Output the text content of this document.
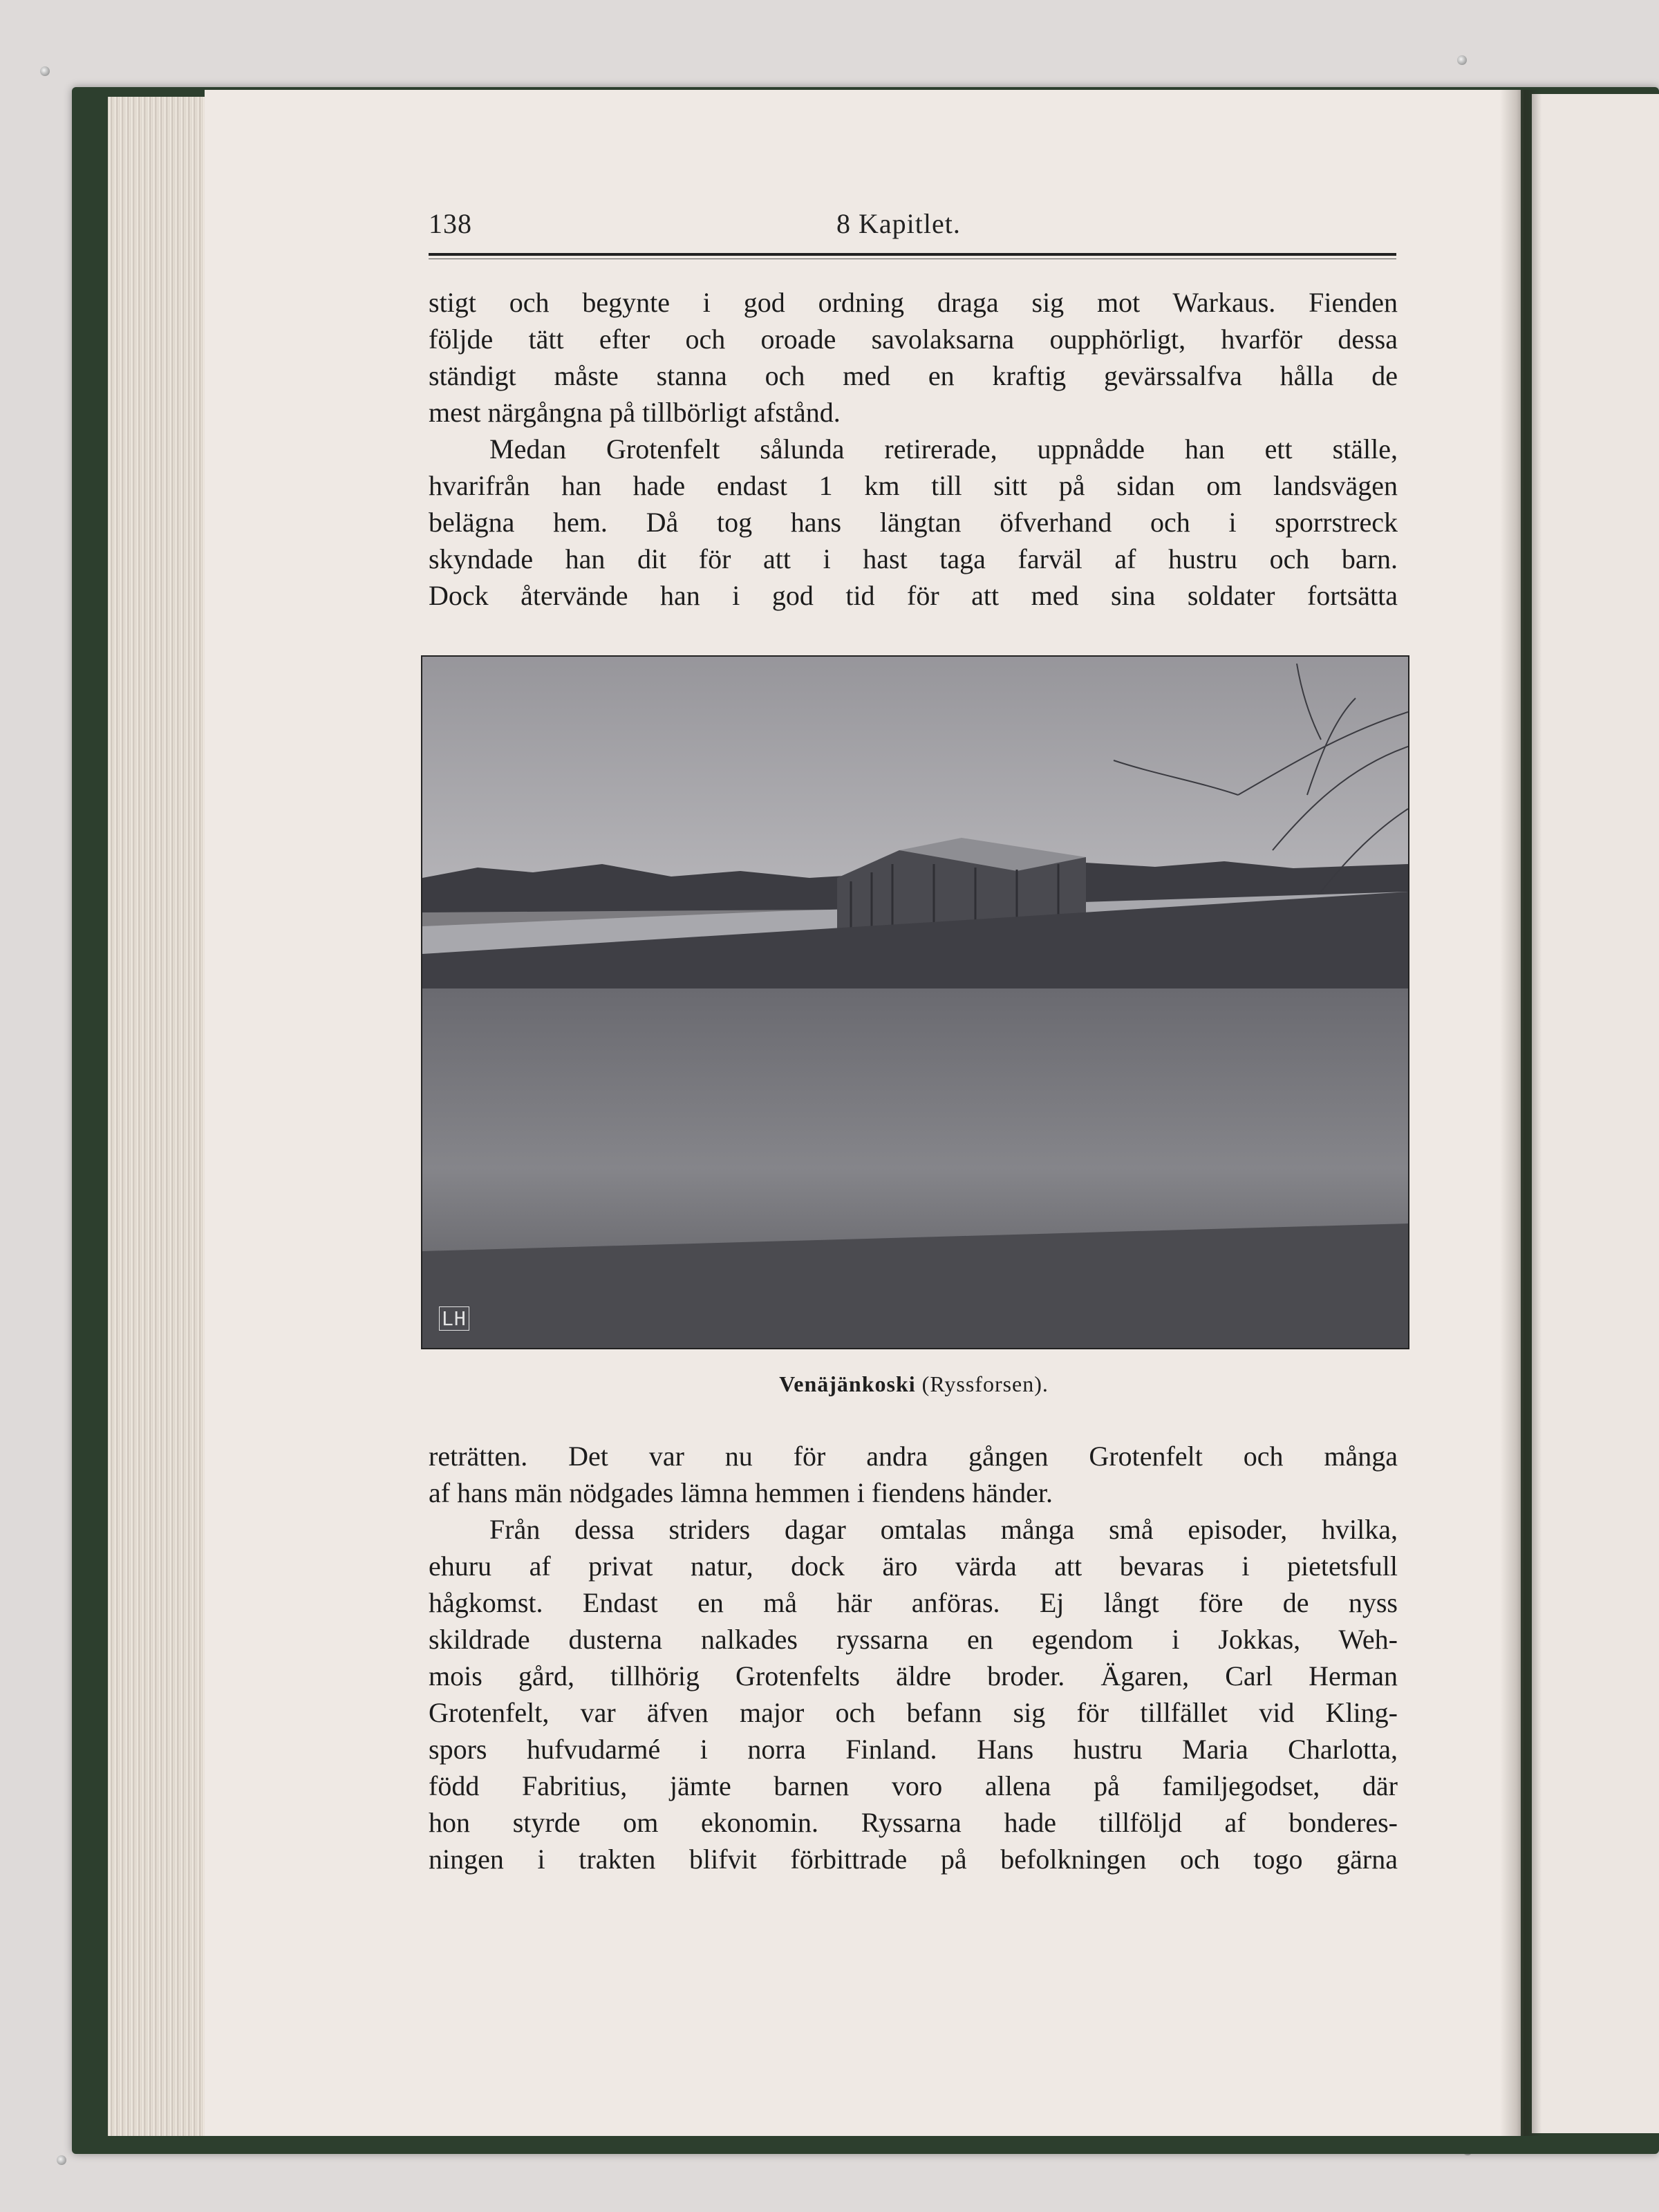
138	8 Kapitlet.

stigt och begynte i god ordning draga sig mot Warkaus. Fienden
följde tätt efter och oroade savolaksarna oupphörligt, hvarför dessa
ständigt måste stanna och med en kraftig gevärssalfva hålla de
mest närgångna på tillbörligt afstånd.

Medan Grotenfelt sålunda retirerade, uppnådde han ett ställe,
hvarifrån han hade endast 1 km till sitt på sidan om landsvägen
belägna hem. Då tog hans längtan öfverhand och i sporrstreck
skyndade han dit för att i hast taga farväl af hustru och barn.
Dock återvände han i god tid för att med sina soldater fortsätta

LH
Venäjänkoski (Ryssforsen).

reträtten. Det var nu för andra gången Grotenfelt och många
af hans män nödgades lämna hemmen i fiendens händer.

Från dessa striders dagar omtalas många små episoder, hvilka,
ehuru af privat natur, dock äro värda att bevaras i pietetsfull
hågkomst. Endast en må här anföras. Ej långt före de nyss
skildrade dusterna nalkades ryssarna en egendom i Jokkas, Weh-
mois gård, tillhörig Grotenfelts äldre broder. Ägaren, Carl Herman
Grotenfelt, var äfven major och befann sig för tillfället vid Kling-
spors hufvudarmé i norra Finland. Hans hustru Maria Charlotta,
född Fabritius, jämte barnen voro allena på familjegodset, där
hon styrde om ekonomin. Ryssarna hade tillföljd af bonderes-
ningen i trakten blifvit förbittrade på befolkningen och togo gärna
